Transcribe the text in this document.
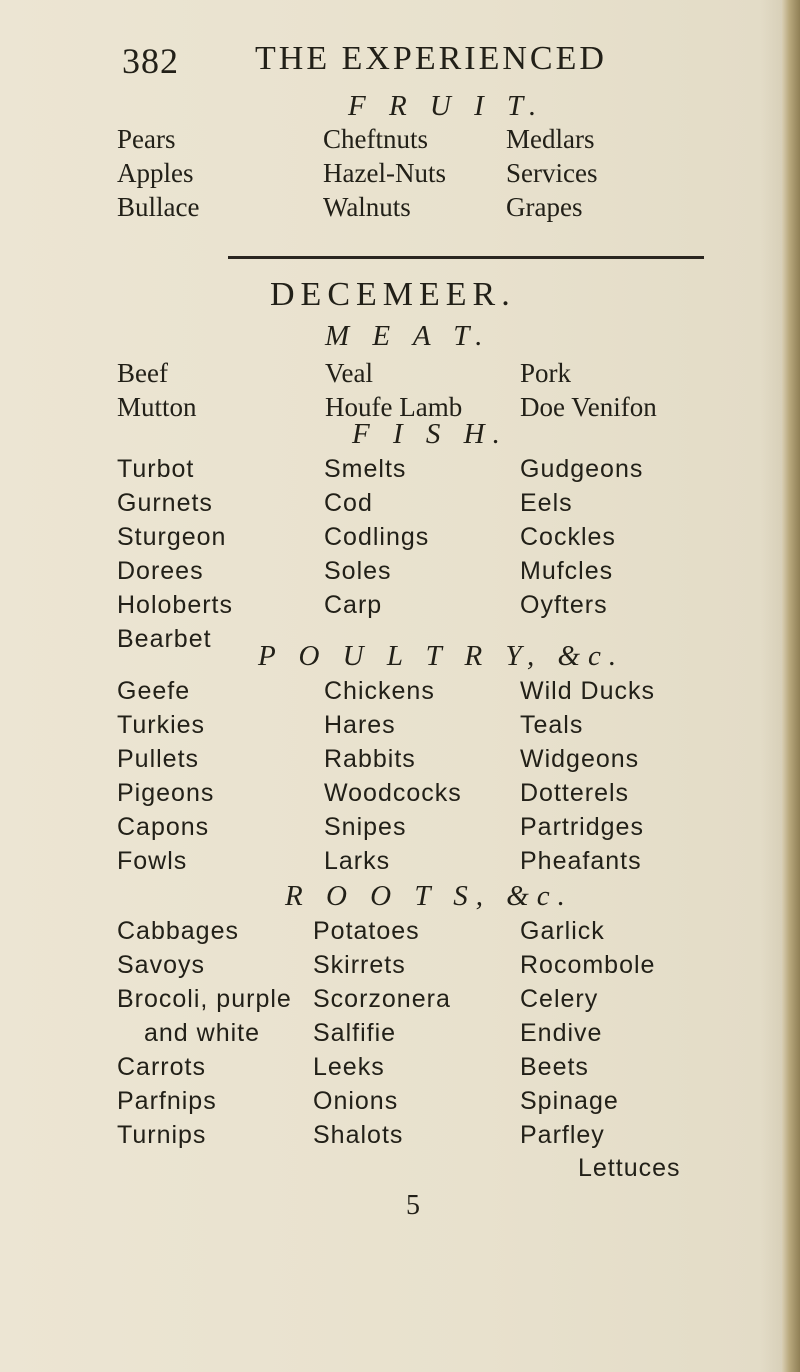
382 THE EXPERIENCED
F R U I T.
Pears
Apples
Bullace
Cheftnuts
Hazel-Nuts
Walnuts
Medlars
Services
Grapes
DECEMEER.
M E A T.
Beef
Mutton
Veal
Houfe Lamb
Pork
Doe Venifon
F I S H.
Turbot
Gurnets
Sturgeon
Dorees
Holoberts
Bearbet
Smelts
Cod
Codlings
Soles
Carp
Gudgeons
Eels
Cockles
Mufcles
Oyfters
P O U L T R Y, &c.
Geefe
Turkies
Pullets
Pigeons
Capons
Fowls
Chickens
Hares
Rabbits
Woodcocks
Snipes
Larks
Wild Ducks
Teals
Widgeons
Dotterels
Partridges
Pheafants
R O O T S, &c.
Cabbages
Savoys
Brocoli, purple
and white
Carrots
Parfnips
Turnips
Potatoes
Skirrets
Scorzonera
Salfifie
Leeks
Onions
Shalots
Garlick
Rocombole
Celery
Endive
Beets
Spinage
Parfley
Lettuces
5
